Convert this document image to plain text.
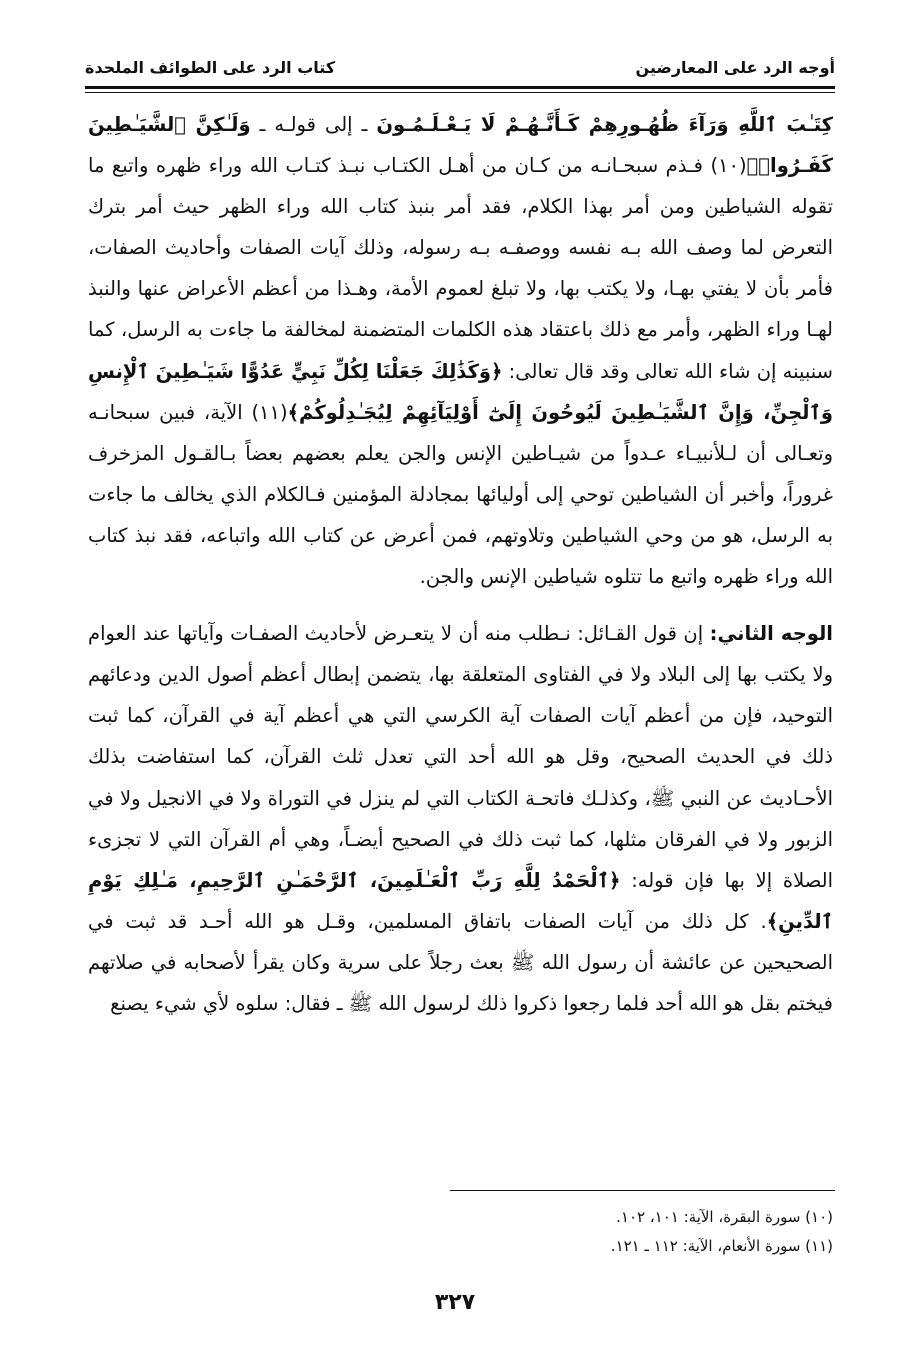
أوجه الرد على المعارضين
كتاب الرد على الطوائف الملحدة

كِتَـٰبَ ٱللَّهِ وَرَآءَ ظُهُـورِهِمْ كَـأَنَّـهُـمْ لَا يَـعْـلَـمُـونَ ـ إلى قولـه ـ وَلَـٰكِنَّ ٱلشَّيَـٰطِينَ كَفَـرُوا۟﴾(١٠) فـذم سبحـانـه من كـان من أهـل الكتـاب نبـذ كتـاب الله وراء ظهره واتبع ما تقوله الشياطين ومن أمر بهذا الكلام، فقد أمر بنبذ كتاب الله وراء الظهر حيث أمر بترك التعرض لما وصف الله بـه نفسه ووصفـه بـه رسوله، وذلك آيات الصفات وأحاديث الصفات، فأمر بأن لا يفتي بهـا، ولا يكتب بها، ولا تبلغ لعموم الأمة، وهـذا من أعظم الأعراض عنها والنبذ لهـا وراء الظهر، وأمر مع ذلك باعتقاد هذه الكلمات المتضمنة لمخالفة ما جاءت به الرسل، كما سنبينه إن شاء الله تعالى وقد قال تعالى: ﴿وَكَذَٰلِكَ جَعَلْنَا لِكُلِّ نَبِيٍّ عَدُوًّا شَيَـٰطِينَ ٱلْإِنسِ وَٱلْجِنِّ، وَإِنَّ ٱلشَّيَـٰطِينَ لَيُوحُونَ إِلَىٰٓ أَوْلِيَآئِهِمْ لِيُجَـٰدِلُوكُمْ﴾(١١) الآية، فبين سبحانـه وتعـالى أن لـلأنبيـاء عـدواً من شيـاطين الإنس والجن يعلم بعضهم بعضاً بـالقـول المزخرف غروراً، وأخبر أن الشياطين توحي إلى أوليائها بمجادلة المؤمنين فـالكلام الذي يخالف ما جاءت به الرسل، هو من وحي الشياطين وتلاوتهم، فمن أعرض عن كتاب الله واتباعه، فقد نبذ كتاب الله وراء ظهره واتبع ما تتلوه شياطين الإنس والجن.

الوجه الثاني: إن قول القـائل: نـطلب منه أن لا يتعـرض لأحاديث الصفـات وآياتها عند العوام ولا يكتب بها إلى البلاد ولا في الفتاوى المتعلقة بها، يتضمن إبطال أعظم أصول الدين ودعائهم التوحيد، فإن من أعظم آيات الصفات آية الكرسي التي هي أعظم آية في القرآن، كما ثبت ذلك في الحديث الصحيح، وقل هو الله أحد التي تعدل ثلث القرآن، كما استفاضت بذلك الأحـاديث عن النبي ﷺ، وكذلـك فاتحـة الكتاب التي لم ينزل في التوراة ولا في الانجيل ولا في الزبور ولا في الفرقان مثلها، كما ثبت ذلك في الصحيح أيضـاً، وهي أم القرآن التي لا تجزىء الصلاة إلا بها فإن قوله: ﴿ٱلْحَمْدُ لِلَّهِ رَبِّ ٱلْعَـٰلَمِينَ، ٱلرَّحْمَـٰنِ ٱلرَّحِيمِ، مَـٰلِكِ يَوْمِ ٱلدِّينِ﴾. كل ذلك من آيات الصفات باتفاق المسلمين، وقـل هو الله أحـد قد ثبت في الصحيحين عن عائشة أن رسول الله ﷺ بعث رجلاً على سرية وكان يقرأ لأصحابه في صلاتهم فيختم بقل هو الله أحد فلما رجعوا ذكروا ذلك لرسول الله ﷺ ـ فقال: سلوه لأي شيء يصنع

(١٠) سورة البقرة، الآية: ١٠١، ١٠٢.
(١١) سورة الأنعام، الآية: ١١٢ ـ ١٢١.
٣٢٧
